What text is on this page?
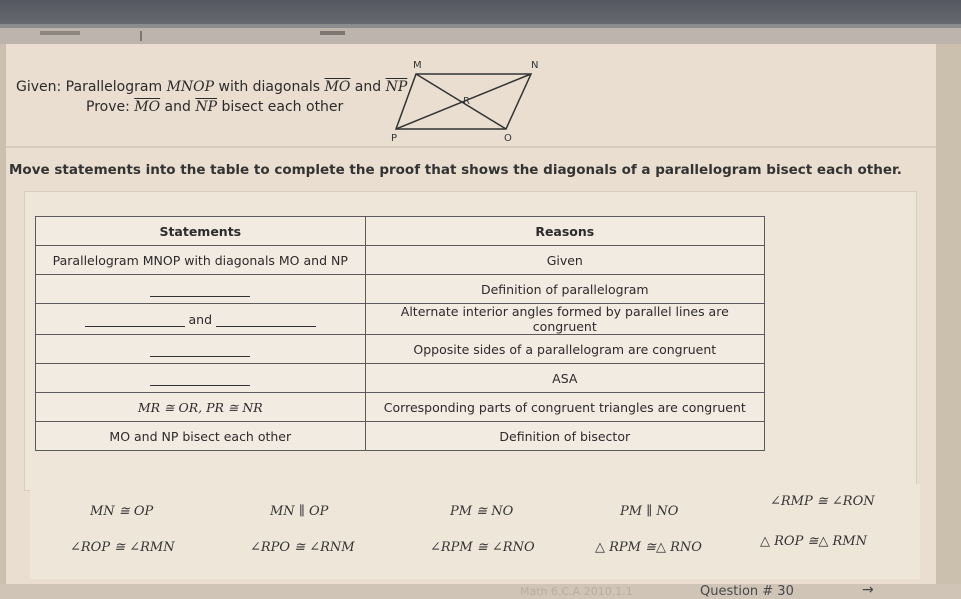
Given: Parallelogram MNOP with diagonals $\overline{MO}$ and $\overline{NP}$
Prove: $\overline{MO}$ and $\overline{NP}$ bisect each other
M	N
P	O
R
Move statements into the table to complete the proof that shows the diagonals of a parallelogram bisect each other.
Statements	Reasons
Parallelogram MNOP with diagonals MO and NP	Given
	Definition of parallelogram
and	Alternate interior angles formed by parallel lines are congruent
	Opposite sides of a parallelogram are congruent
	ASA
MR ≅ OR, PR ≅ NR	Corresponding parts of congruent triangles are congruent
MO and NP bisect each other	Definition of bisector
MN ≅ OP	MN ∥ OP	PM ≅ NO	PM ∥ NO
∠RMP ≅ ∠RON
∠ROP ≅ ∠RMN	∠RPO ≅ ∠RNM	∠RPM ≅ ∠RNO	△ RPM ≅△ RNO	△ ROP ≅△ RMN
Math 6.C.A 2010.1.1	Question # 30	→
